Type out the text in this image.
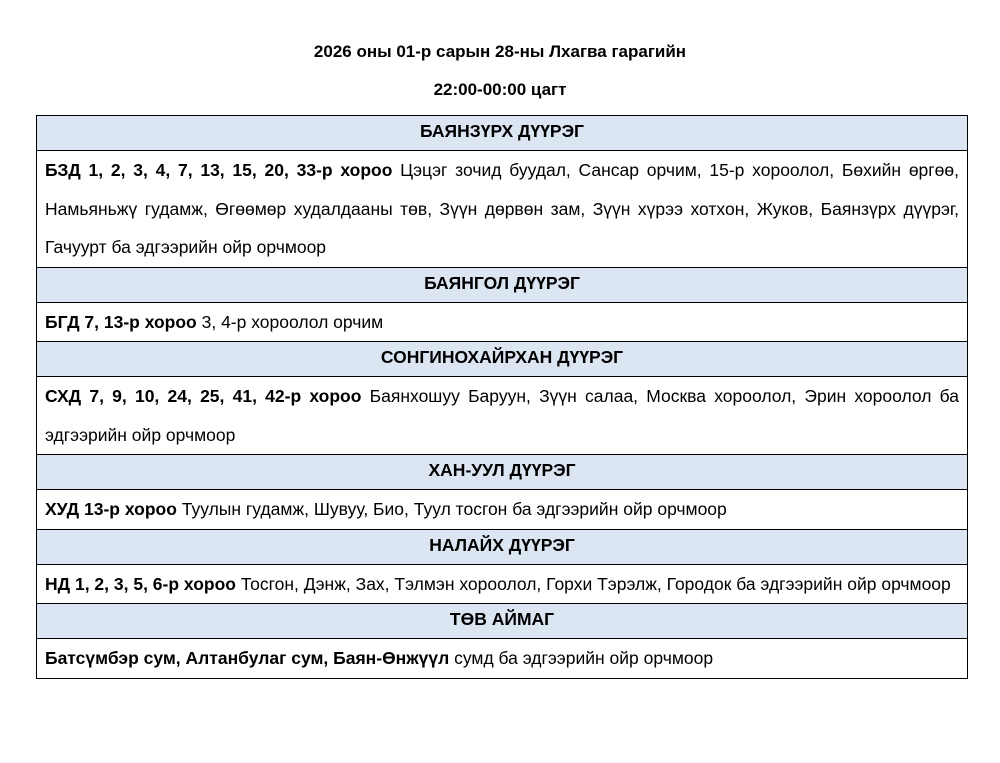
2026 оны 01-р сарын 28-ны Лхагва гарагийн
22:00-00:00 цагт
БАЯНЗҮРХ ДҮҮРЭГ
БЗД 1, 2, 3, 4, 7, 13, 15, 20, 33-р хороо Цэцэг зочид буудал, Сансар орчим, 15-р хороолол, Бөхийн өргөө, Намьяньжү гудамж, Өгөөмөр худалдааны төв, Зүүн дөрвөн зам, Зүүн хүрээ хотхон, Жуков, Баянзүрх дүүрэг, Гачуурт ба эдгээрийн ойр орчмоор
БАЯНГОЛ ДҮҮРЭГ
БГД 7, 13-р хороо 3, 4-р хороолол орчим
СОНГИНОХАЙРХАН ДҮҮРЭГ
СХД 7, 9, 10, 24, 25, 41, 42-р хороо Баянхошуу Баруун, Зүүн салаа, Москва хороолол, Эрин хороолол ба эдгээрийн ойр орчмоор
ХАН-УУЛ ДҮҮРЭГ
ХУД 13-р хороо Туулын гудамж, Шувуу, Био, Туул тосгон ба эдгээрийн ойр орчмоор
НАЛАЙХ ДҮҮРЭГ
НД 1, 2, 3, 5, 6-р хороо Тосгон, Дэнж, Зах, Тэлмэн хороолол, Горхи Тэрэлж, Городок ба эдгээрийн ойр орчмоор
ТӨВ АЙМАГ
Батсүмбэр сум, Алтанбулаг сум, Баян-Өнжүүл сумд ба эдгээрийн ойр орчмоор
